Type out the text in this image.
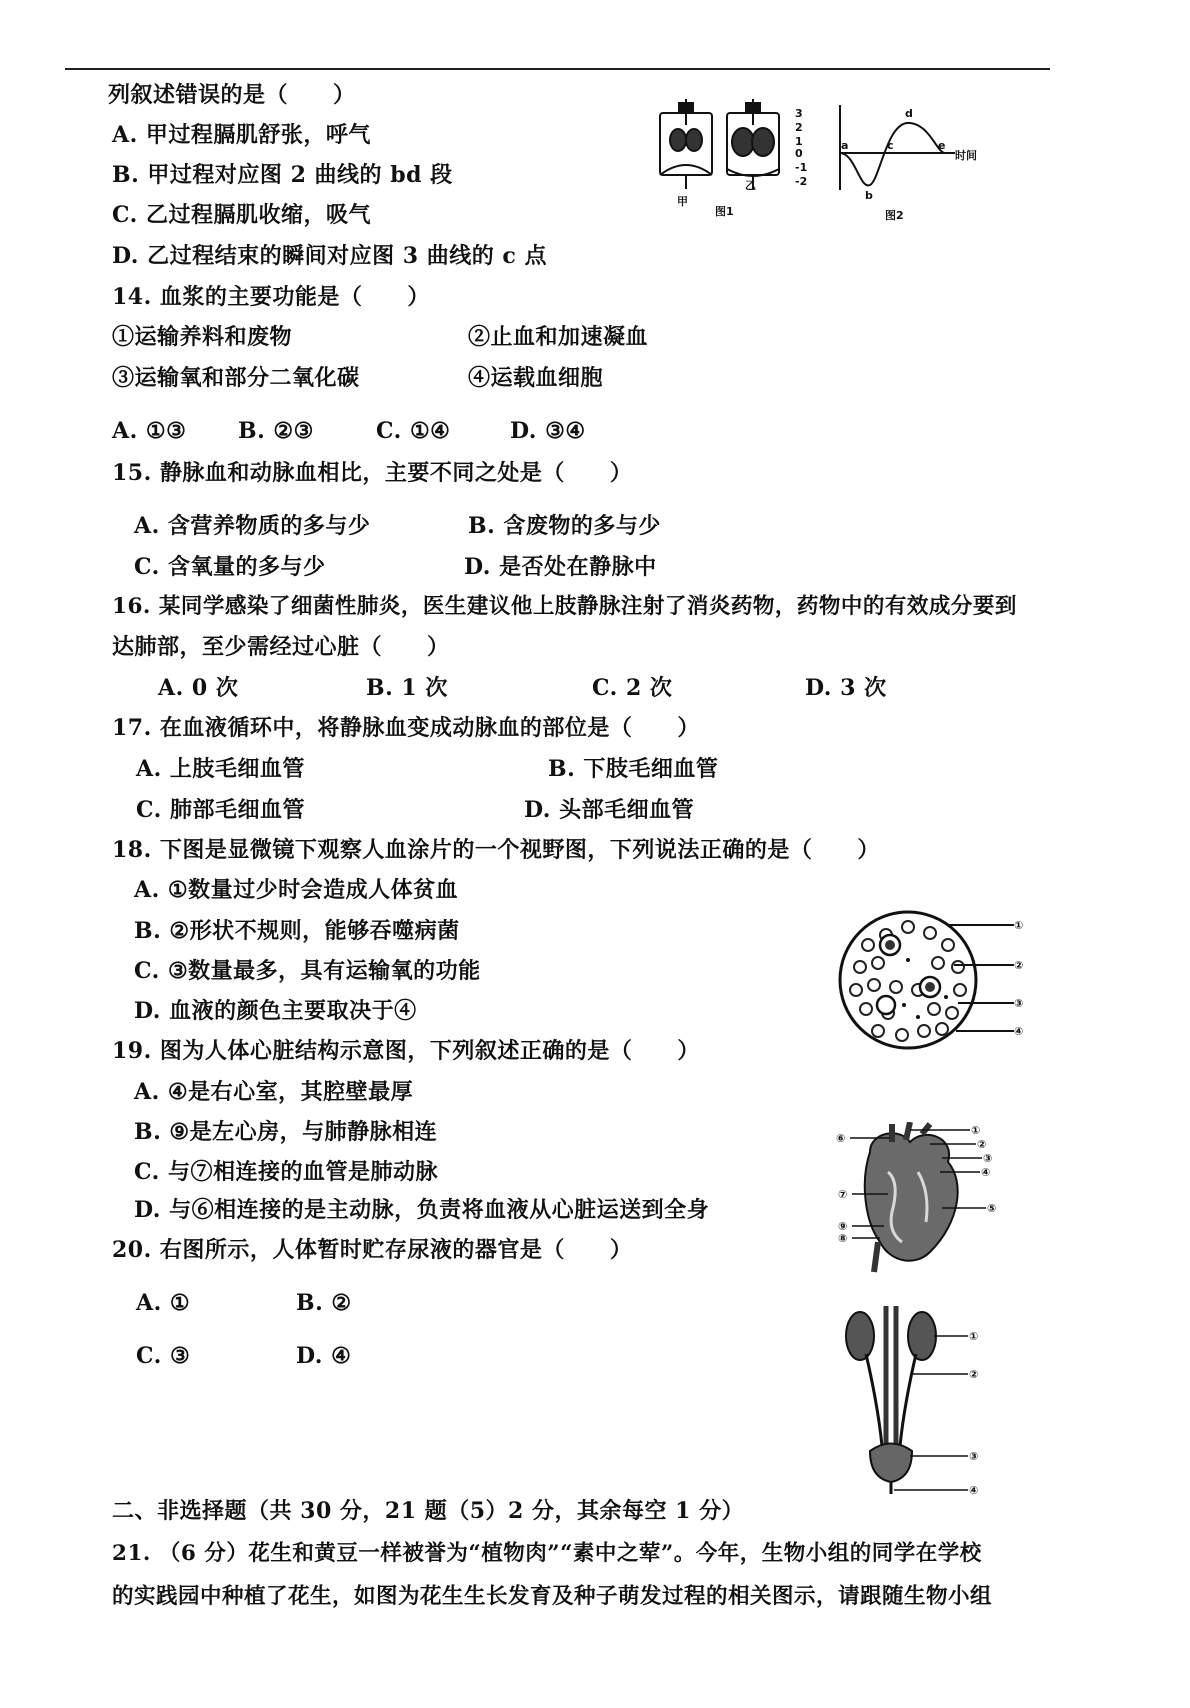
列叙述错误的是（　　）
A. 甲过程膈肌舒张，呼气
B. 甲过程对应图 2 曲线的 bd 段
C. 乙过程膈肌收缩，吸气
D. 乙过程结束的瞬间对应图 3 曲线的 c 点
甲
乙
图1
3
2
1
0
-1
-2
a
b
c
d
e
时间
图2
14. 血浆的主要功能是（　　）
①运输养料和废物	②止血和加速凝血
③运输氧和部分二氧化碳	④运载血细胞
A. ①③ B. ②③	C. ①④	D. ③④
15. 静脉血和动脉血相比，主要不同之处是（　　）
A. 含营养物质的多与少	B. 含废物的多与少
C. 含氧量的多与少	D. 是否处在静脉中
16. 某同学感染了细菌性肺炎，医生建议他上肢静脉注射了消炎药物，药物中的有效成分要到
达肺部，至少需经过心脏（　　）
A. 0 次	B. 1 次	C. 2 次	D. 3 次
17. 在血液循环中，将静脉血变成动脉血的部位是（　　）
A. 上肢毛细血管	B. 下肢毛细血管
C. 肺部毛细血管	D. 头部毛细血管
18. 下图是显微镜下观察人血涂片的一个视野图，下列说法正确的是（　　）
A. ①数量过少时会造成人体贫血
B. ②形状不规则，能够吞噬病菌
C. ③数量最多，具有运输氧的功能
D. 血液的颜色主要取决于④
①
②
③
④
19. 图为人体心脏结构示意图，下列叙述正确的是（　　）
A. ④是右心室，其腔壁最厚
B. ⑨是左心房，与肺静脉相连
C. 与⑦相连接的血管是肺动脉
D. 与⑥相连接的是主动脉，负责将血液从心脏运送到全身
①
②
③
④
⑤
⑥
⑦
⑧
⑨
20. 右图所示，人体暂时贮存尿液的器官是（　　）
A. ①	B. ②
C. ③	D. ④
①
②
③
④
二、非选择题（共 30 分，21 题（5）2 分，其余每空 1 分）
21. （6 分）花生和黄豆一样被誉为“植物肉”“素中之荤”。今年，生物小组的同学在学校
的实践园中种植了花生，如图为花生生长发育及种子萌发过程的相关图示，请跟随生物小组
